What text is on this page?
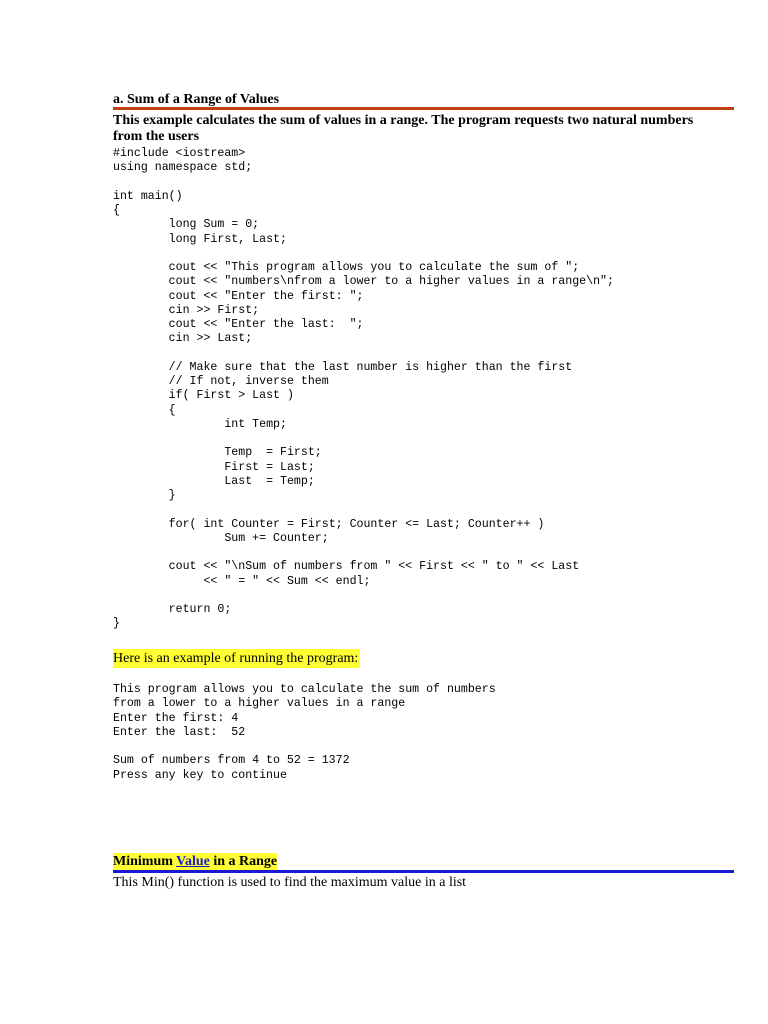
a. Sum of a Range of Values
This example calculates the sum of values in a range. The program requests two natural numbers from the users
#include <iostream>
using namespace std;

int main()
{
	long Sum = 0;
	long First, Last;

	cout << "This program allows you to calculate the sum of ";
	cout << "numbers\nfrom a lower to a higher values in a range\n";
	cout << "Enter the first: ";
	cin >> First;
	cout << "Enter the last:  ";
	cin >> Last;

	// Make sure that the last number is higher than the first
	// If not, inverse them
	if( First > Last )
	{
		int Temp;

		Temp  = First;
		First = Last;
		Last  = Temp;
	}

	for( int Counter = First; Counter <= Last; Counter++ )
		Sum += Counter;

	cout << "\nSum of numbers from " << First << " to " << Last
	<< " = " << Sum << endl;

	return 0;
}
Here is an example of running the program:
This program allows you to calculate the sum of numbers
from a lower to a higher values in a range
Enter the first: 4
Enter the last:  52

Sum of numbers from 4 to 52 = 1372
Press any key to continue
Minimum Value in a Range
This Min() function is used to find the maximum value in a list
